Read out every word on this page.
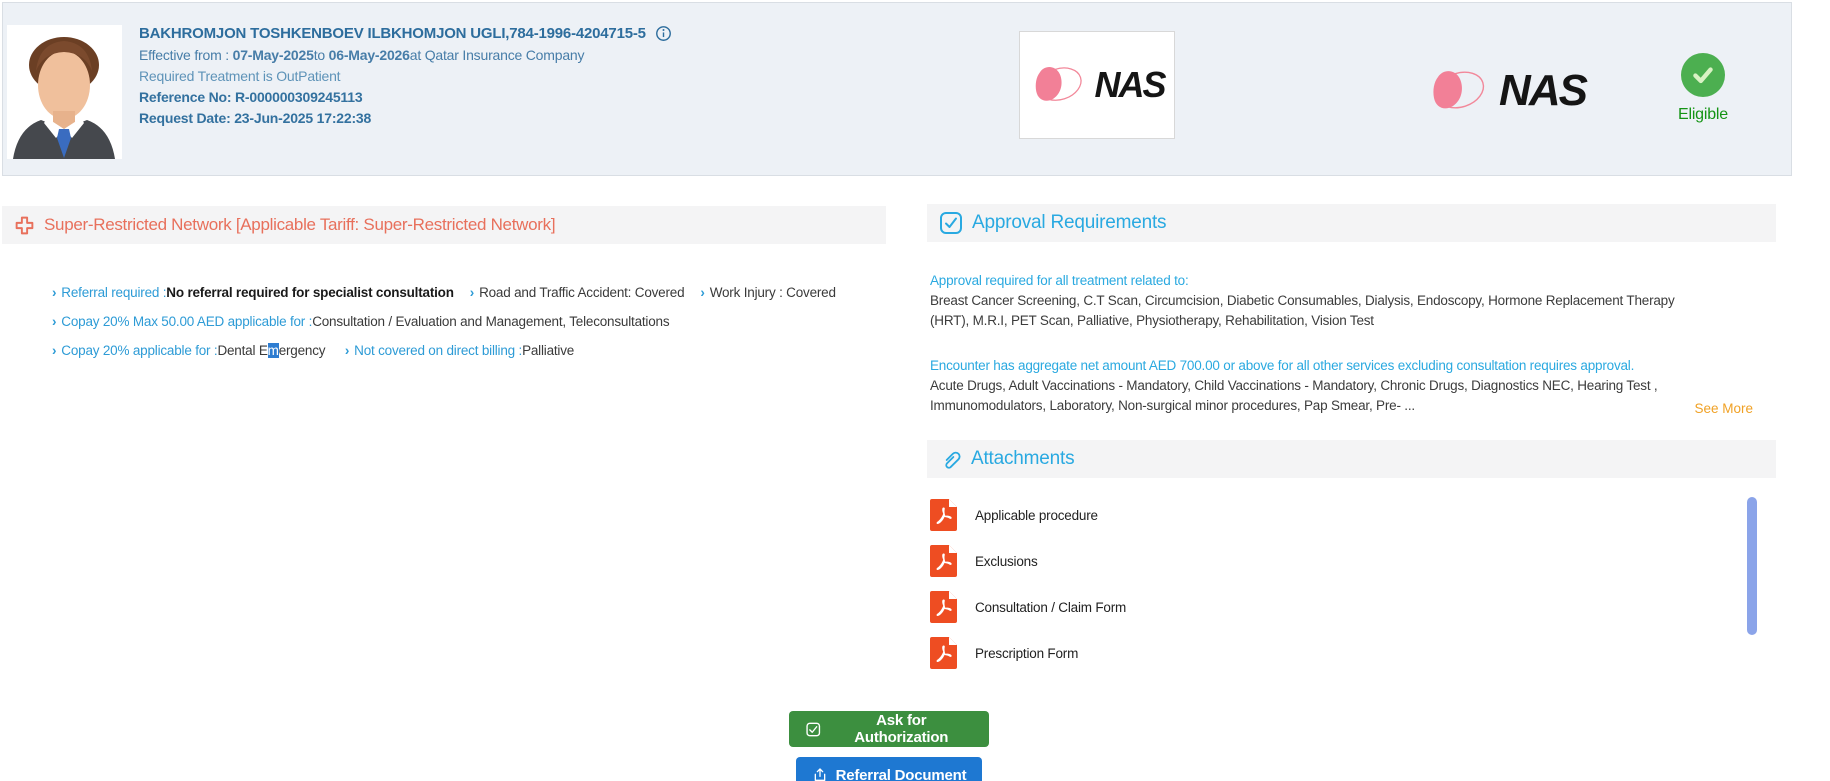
BAKHROMJON TOSHKENBOEV ILBKHOMJON UGLI,784-1996-4204715-5
Effective from : 07-May-2025to 06-May-2026at Qatar Insurance Company
Required Treatment is OutPatient
Reference No: R-000000309245113
Request Date: 23-Jun-2025 17:22:38
NAS	NAS	Eligible
Super-Restricted Network [Applicable Tariff: Super-Restricted Network]
› Referral required :No referral required for specialist consultation › Road and Traffic Accident: Covered › Work Injury : Covered
› Copay 20% Max 50.00 AED applicable for :Consultation / Evaluation and Management, Teleconsultations
› Copay 20% applicable for :Dental Emergency › Not covered on direct billing :Palliative
Approval Requirements
Approval required for all treatment related to:
Breast Cancer Screening, C.T Scan, Circumcision, Diabetic Consumables, Dialysis, Endoscopy, Hormone Replacement Therapy (HRT), M.R.I, PET Scan, Palliative, Physiotherapy, Rehabilitation, Vision Test
Encounter has aggregate net amount AED 700.00 or above for all other services excluding consultation requires approval.
Acute Drugs, Adult Vaccinations - Mandatory, Child Vaccinations - Mandatory, Chronic Drugs, Diagnostics NEC, Hearing Test , Immunomodulators, Laboratory, Non-surgical minor procedures, Pap Smear, Pre- ...	See More
Attachments
Applicable procedure
Exclusions
Consultation / Claim Form
Prescription Form
Ask for Authorization
Referral Document
